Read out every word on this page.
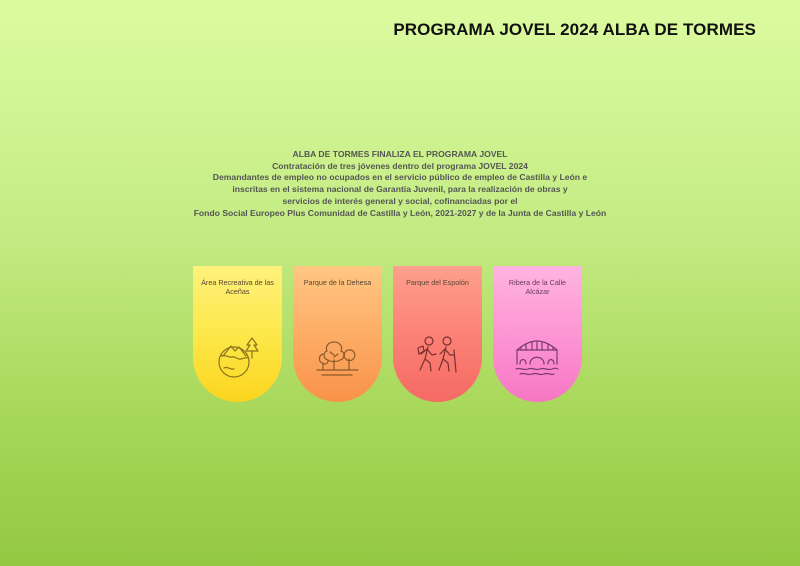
PROGRAMA JOVEL 2024 ALBA DE TORMES
ALBA DE TORMES FINALIZA EL PROGRAMA JOVEL
Contratación de tres jóvenes dentro del programa JOVEL 2024
Demandantes de empleo no ocupados en el servicio público de empleo de Castilla y León e
inscritas en el sistema nacional de Garantía Juvenil, para la realización de obras y
servicios de interés general y social, cofinanciadas por el
Fondo Social Europeo Plus Comunidad de Castilla y León, 2021-2027 y de la Junta de Castilla y León
Área Recreativa de las Aceñas
Parque de la Dehesa	Parque del Espolón	Ribera de la Calle Alcázar
